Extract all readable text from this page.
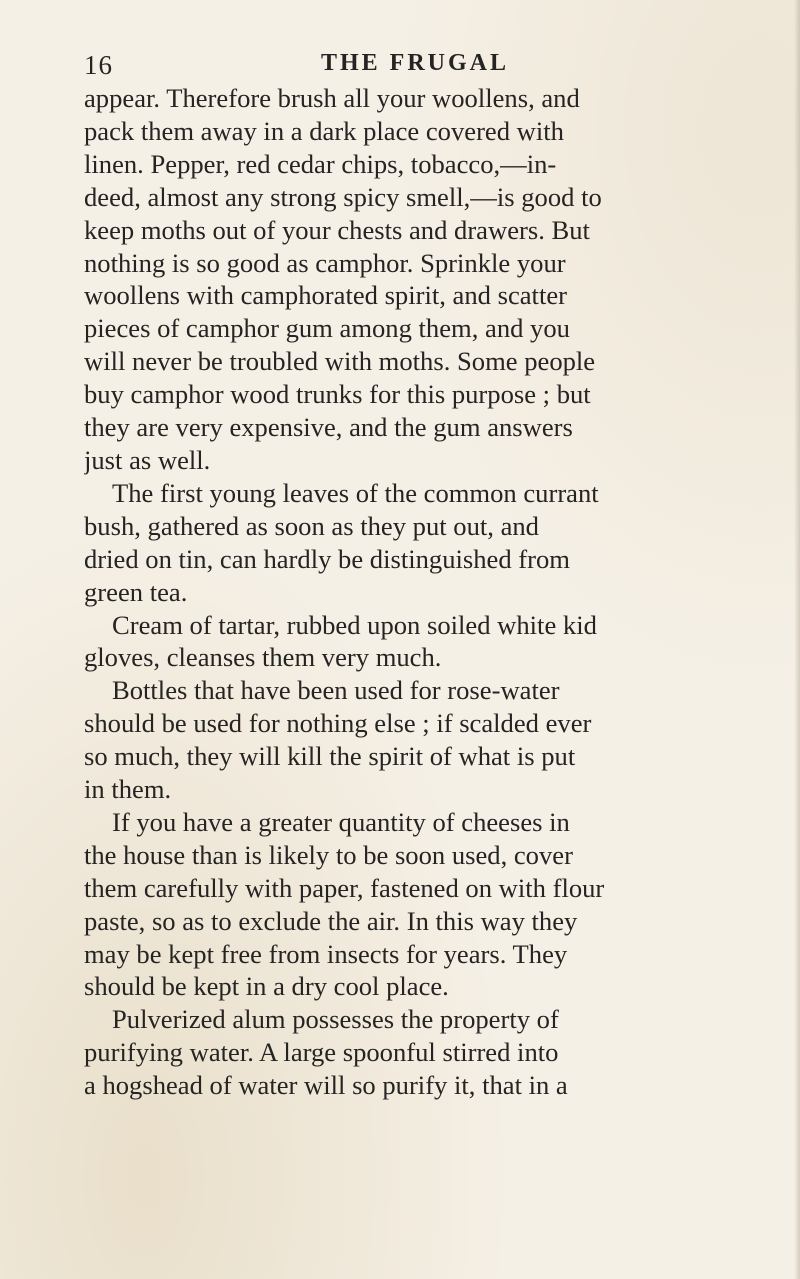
16	THE FRUGAL
appear. Therefore brush all your woollens, and
pack them away in a dark place covered with
linen. Pepper, red cedar chips, tobacco,—in-
deed, almost any strong spicy smell,—is good to
keep moths out of your chests and drawers. But
nothing is so good as camphor. Sprinkle your
woollens with camphorated spirit, and scatter
pieces of camphor gum among them, and you
will never be troubled with moths. Some people
buy camphor wood trunks for this purpose ; but
they are very expensive, and the gum answers
just as well.
The first young leaves of the common currant
bush, gathered as soon as they put out, and
dried on tin, can hardly be distinguished from
green tea.
Cream of tartar, rubbed upon soiled white kid
gloves, cleanses them very much.
Bottles that have been used for rose-water
should be used for nothing else ; if scalded ever
so much, they will kill the spirit of what is put
in them.
If you have a greater quantity of cheeses in
the house than is likely to be soon used, cover
them carefully with paper, fastened on with flour
paste, so as to exclude the air. In this way they
may be kept free from insects for years. They
should be kept in a dry cool place.
Pulverized alum possesses the property of
purifying water. A large spoonful stirred into
a hogshead of water will so purify it, that in a
